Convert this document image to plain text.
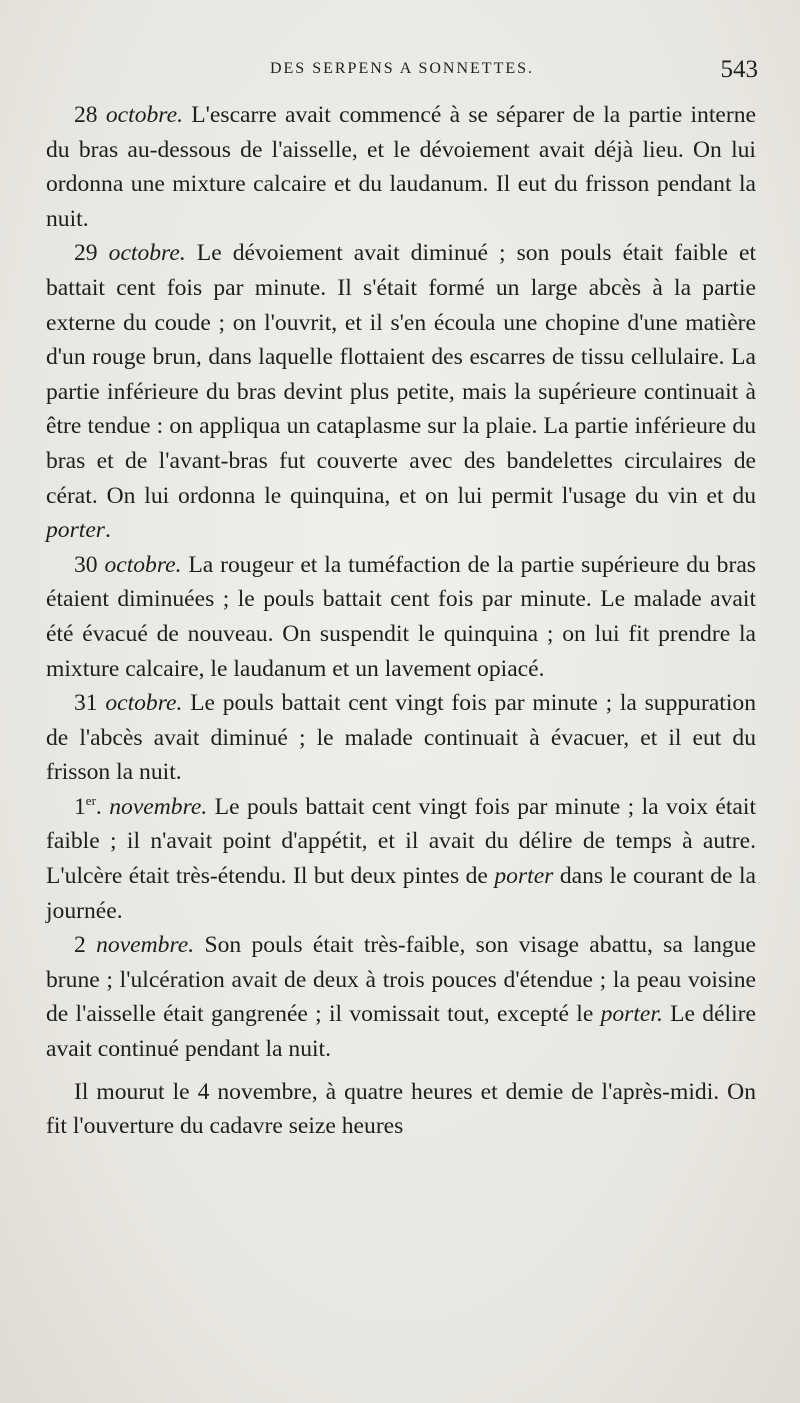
DES SERPENS A SONNETTES.	543

28 octobre. L'escarre avait commencé à se séparer de la partie interne du bras au-dessous de l'aisselle, et le dévoiement avait déjà lieu. On lui ordonna une mixture calcaire et du laudanum. Il eut du frisson pendant la nuit.

29 octobre. Le dévoiement avait diminué ; son pouls était faible et battait cent fois par minute. Il s'était formé un large abcès à la partie externe du coude ; on l'ouvrit, et il s'en écoula une chopine d'une matière d'un rouge brun, dans laquelle flottaient des escarres de tissu cellulaire. La partie inférieure du bras devint plus petite, mais la supérieure continuait à être tendue : on appliqua un cataplasme sur la plaie. La partie inférieure du bras et de l'avant-bras fut couverte avec des bandelettes circulaires de cérat. On lui ordonna le quinquina, et on lui permit l'usage du vin et du porter.

30 octobre. La rougeur et la tuméfaction de la partie supérieure du bras étaient diminuées ; le pouls battait cent fois par minute. Le malade avait été évacué de nouveau. On suspendit le quinquina ; on lui fit prendre la mixture calcaire, le laudanum et un lavement opiacé.

31 octobre. Le pouls battait cent vingt fois par minute ; la suppuration de l'abcès avait diminué ; le malade continuait à évacuer, et il eut du frisson la nuit.

1er. novembre. Le pouls battait cent vingt fois par minute ; la voix était faible ; il n'avait point d'appétit, et il avait du délire de temps à autre. L'ulcère était très-étendu. Il but deux pintes de porter dans le courant de la journée.

2 novembre. Son pouls était très-faible, son visage abattu, sa langue brune ; l'ulcération avait de deux à trois pouces d'étendue ; la peau voisine de l'aisselle était gangrenée ; il vomissait tout, excepté le porter. Le délire avait continué pendant la nuit.

Il mourut le 4 novembre, à quatre heures et demie de l'après-midi. On fit l'ouverture du cadavre seize heures
